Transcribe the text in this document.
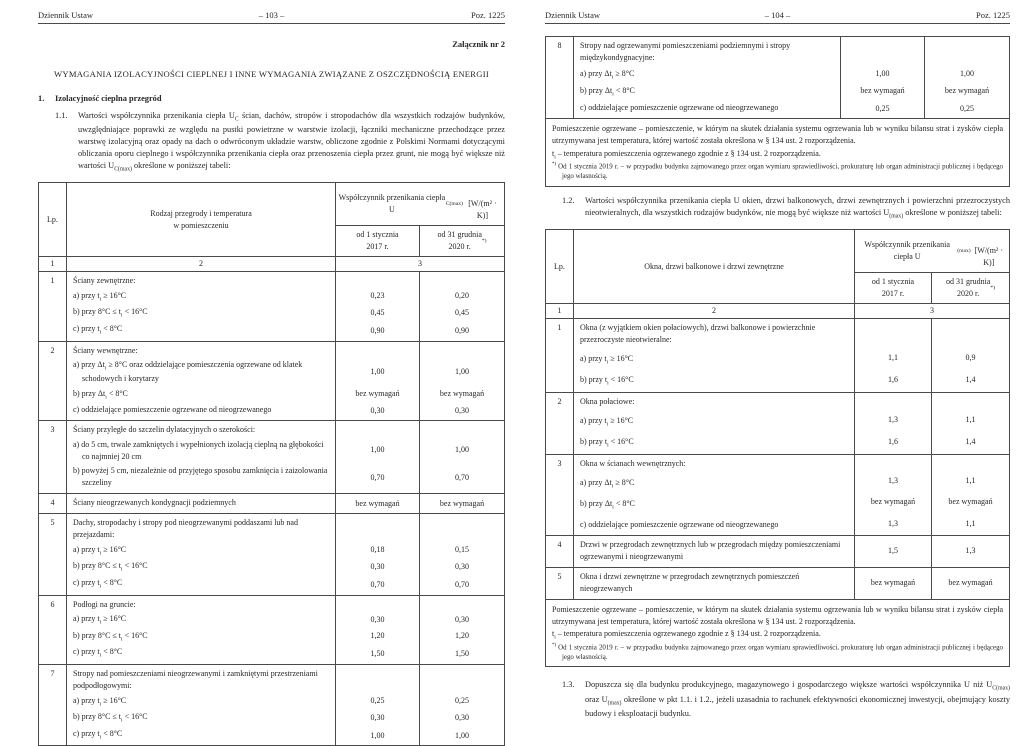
Dziennik Ustaw	– 103 –	Poz. 1225
Załącznik nr 2
WYMAGANIA IZOLACYJNOŚCI CIEPLNEJ I INNE WYMAGANIA ZWIĄZANE Z OSZCZĘDNOŚCIĄ ENERGII
1.	Izolacyjność cieplna przegród
1.1.	Wartości współczynnika przenikania ciepła $U_C$ ścian, dachów, stropów i stropodachów dla wszystkich rodzajów budynków, uwzględniające poprawki ze względu na pustki powietrzne w warstwie izolacji, łączniki mechaniczne przechodzące przez warstwę izolacyjną oraz opady na dach o odwróconym układzie warstw, obliczone zgodnie z Polskimi Normami dotyczącymi obliczania oporu cieplnego i współczynnika przenikania ciepła oraz przenoszenia ciepła przez grunt, nie mogą być większe niż wartości $U_{C(max)}$ określone w poniższej tabeli:
Lp.
Rodzaj przegrody i temperatura
w pomieszczeniu
Współczynnik przenikania ciepła U
C(max) [W/(m² · K)]
od 1 stycznia
2017 r.
od 31 grudnia
2020 r.
*)
1	2	3
1	Ściany zewnętrzne:
a) przy $t_i \ge 16^\circ C$	0,23	0,20
b) przy $8^\circ C \le t_i < 16^\circ C$	0,45	0,45
c) przy $t_i < 8^\circ C$	0,90	0,90
2	Ściany wewnętrzne:
a) przy $\Delta t_i \ge 8^\circ C$ oraz oddzielające pomieszczenia ogrzewane od klatek schodowych i korytarzy
1,00	1,00
b) przy $\Delta t_i < 8^\circ C$	bez wymagań	bez wymagań
c) oddzielające pomieszczenie ogrzewane od nieogrzewanego	0,30	0,30
3	Ściany przyległe do szczelin dylatacyjnych o szerokości:
a) do 5 cm, trwale zamkniętych i wypełnionych izolacją cieplną na głębokości co najmniej 20 cm
1,00	1,00
b) powyżej 5 cm, niezależnie od przyjętego sposobu zamknięcia i zaizolowania szczeliny
0,70	0,70
4	Ściany nieogrzewanych kondygnacji podziemnych	bez wymagań	bez wymagań
5	Dachy, stropodachy i stropy pod nieogrzewanymi poddaszami lub nad przejazdami:
a) przy $t_i \ge 16^\circ C$	0,18	0,15
b) przy $8^\circ C \le t_i < 16^\circ C$	0,30	0,30
c) przy $t_i < 8^\circ C$	0,70	0,70
6	Podłogi na gruncie:
a) przy $t_i \ge 16^\circ C$	0,30	0,30
b) przy $8^\circ C \le t_i < 16^\circ C$	1,20	1,20
c) przy $t_i < 8^\circ C$	1,50	1,50
7	Stropy nad pomieszczeniami nieogrzewanymi i zamkniętymi przestrzeniami podpodłogowymi:
a) przy $t_i \ge 16^\circ C$	0,25	0,25
b) przy $8^\circ C \le t_i < 16^\circ C$	0,30	0,30
c) przy $t_i < 8^\circ C$	1,00	1,00
Dziennik Ustaw	– 104 –	Poz. 1225
8	Stropy nad ogrzewanymi pomieszczeniami podziemnymi i stropy międzykondygnacyjne:
a) przy $\Delta t_i \ge 8^\circ C$	1,00	1,00
b) przy $\Delta t_i < 8^\circ C$	bez wymagań	bez wymagań
c) oddzielające pomieszczenie ogrzewane od nieogrzewanego	0,25	0,25
Pomieszczenie ogrzewane – pomieszczenie, w którym na skutek działania systemu ogrzewania lub w wyniku bilansu strat i zysków ciepła utrzymywana jest temperatura, której wartość została określona w § 134 ust. 2 rozporządzenia.
$t_i$ – temperatura pomieszczenia ogrzewanego zgodnie z § 134 ust. 2 rozporządzenia.
*) Od 1 stycznia 2019 r. – w przypadku budynku zajmowanego przez organ wymiaru sprawiedliwości, prokuraturę lub organ administracji publicznej i będącego jego własnością.
1.2.	Wartości współczynnika przenikania ciepła U okien, drzwi balkonowych, drzwi zewnętrznych i powierzchni przezroczystych nieotwieralnych, dla wszystkich rodzajów budynków, nie mogą być większe niż wartości $U_{(max)}$ określone w poniższej tabeli:
Lp.	Okna, drzwi balkonowe i drzwi zewnętrzne
Współczynnik przenikania ciepła U
(max) [W/(m² · K)]
od 1 stycznia
2017 r.
od 31 grudnia
2020 r.
*)
1	2	3
1	Okna (z wyjątkiem okien połaciowych), drzwi balkonowe i powierzchnie przezroczyste nieotwieralne:
a) przy $t_i \ge 16^\circ C$	1,1	0,9
b) przy $t_i < 16^\circ C$	1,6	1,4
2	Okna połaciowe:
a) przy $t_i \ge 16^\circ C$	1,3	1,1
b) przy $t_i < 16^\circ C$	1,6	1,4
3	Okna w ścianach wewnętrznych:
a) przy $\Delta t_i \ge 8^\circ C$	1,3	1,1
b) przy $\Delta t_i < 8^\circ C$	bez wymagań	bez wymagań
c) oddzielające pomieszczenie ogrzewane od nieogrzewanego	1,3	1,1
4	Drzwi w przegrodach zewnętrznych lub w przegrodach między pomieszczeniami ogrzewanymi i nieogrzewanymi
1,5	1,3
5	Okna i drzwi zewnętrzne w przegrodach zewnętrznych pomieszczeń nieogrzewanych
bez wymagań	bez wymagań
Pomieszczenie ogrzewane – pomieszczenie, w którym na skutek działania systemu ogrzewania lub w wyniku bilansu strat i zysków ciepła utrzymywana jest temperatura, której wartość została określona w § 134 ust. 2 rozporządzenia.
$t_i$ – temperatura pomieszczenia ogrzewanego zgodnie z § 134 ust. 2 rozporządzenia.
*) Od 1 stycznia 2019 r. – w przypadku budynku zajmowanego przez organ wymiaru sprawiedliwości, prokuraturę lub organ administracji publicznej i będącego jego własnością.
1.3.	Dopuszcza się dla budynku produkcyjnego, magazynowego i gospodarczego większe wartości współczynnika U niż $U_{C(max)}$ oraz $U_{(max)}$ określone w pkt 1.1. i 1.2., jeżeli uzasadnia to rachunek efektywności ekonomicznej inwestycji, obejmujący koszty budowy i eksploatacji budynku.
